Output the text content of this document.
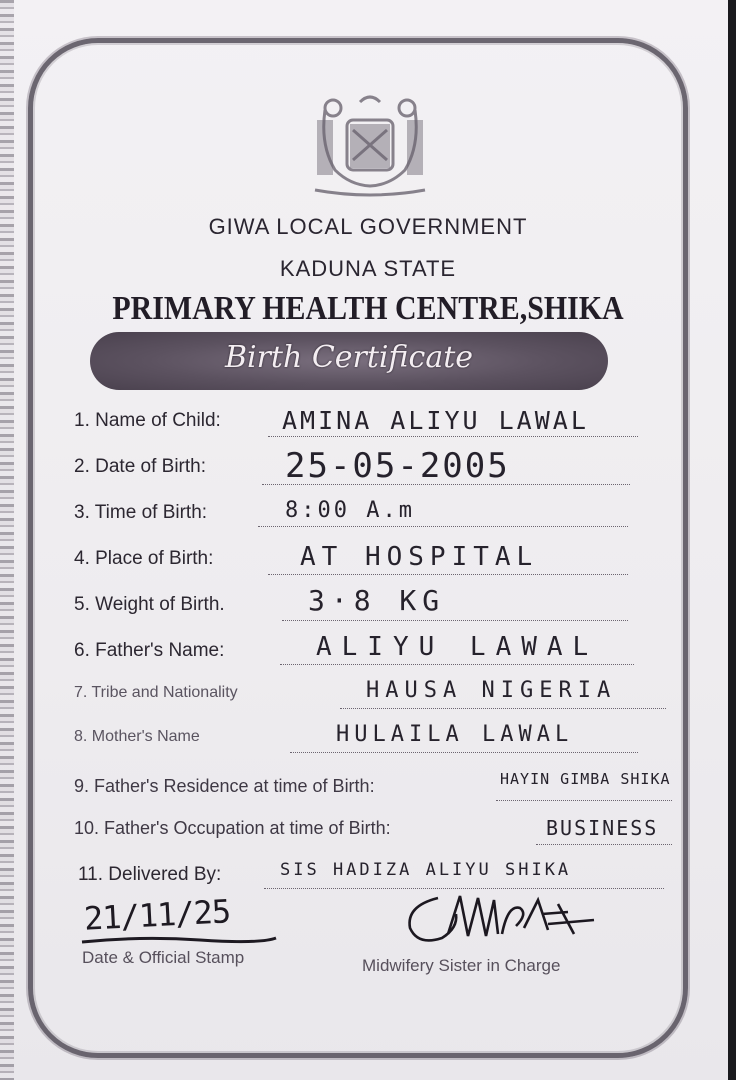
GIWA LOCAL GOVERNMENT
KADUNA STATE
PRIMARY HEALTH CENTRE,SHIKA
Birth Certificate
1. Name of Child: AMINA ALIYU LAWAL
2. Date of Birth: 25-05-2005
3. Time of Birth:	8:00 A.m
4. Place of Birth:	AT HOSPITAL
5. Weight of Birth.	3·8 KG
6. Father's Name:	ALIYU LAWAL
7. Tribe and Nationality	HAUSA NIGERIA
8. Mother's Name	HULAILA LAWAL
9. Father's Residence at time of Birth:	HAYIN GIMBA SHIKA
10. Father's Occupation at time of Birth:	BUSINESS
11. Delivered By:	SIS HADIZA ALIYU SHIKA
21/11/25
Date & Official Stamp	Midwifery Sister in Charge
